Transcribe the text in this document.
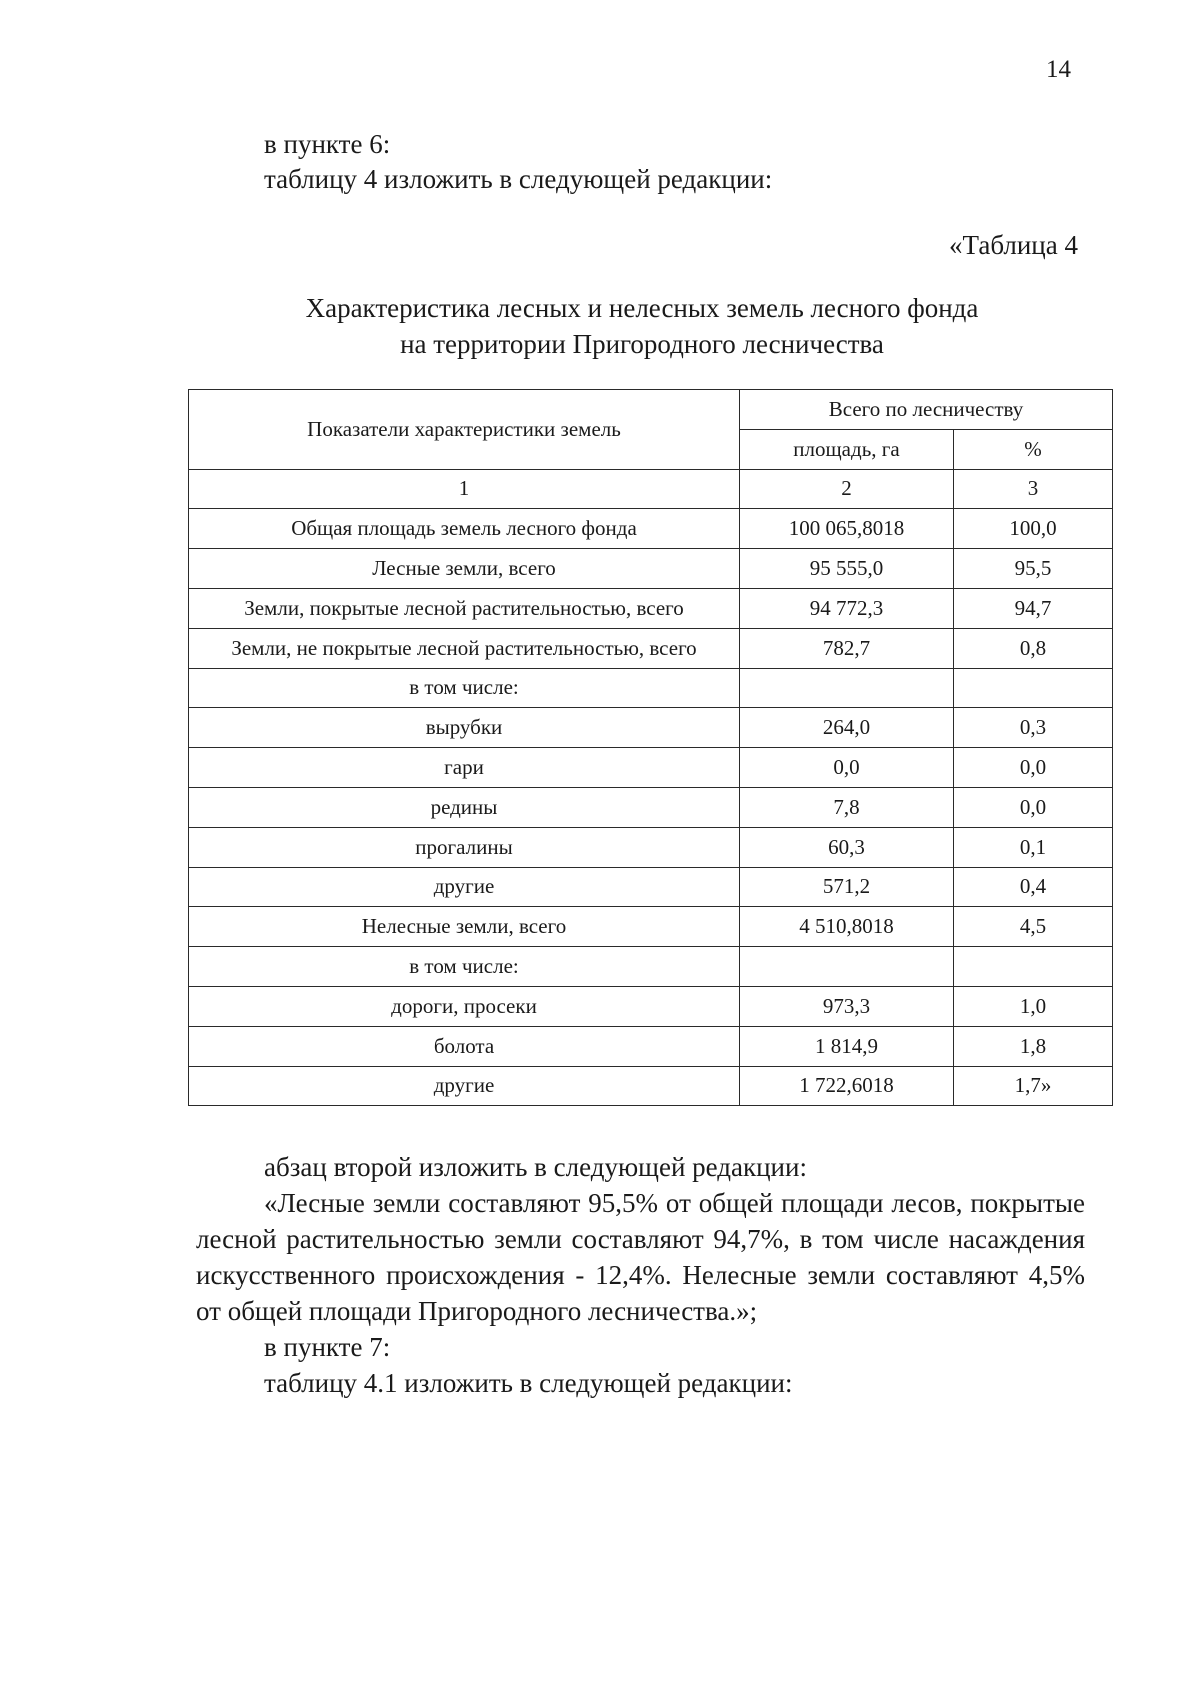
14
в пункте 6:
таблицу 4 изложить в следующей редакции:
«Таблица 4
Характеристика лесных и нелесных земель лесного фонда
на территории Пригородного лесничества
Показатели характеристики земель	Всего по лесничеству	
	площадь, га	%
1	2	3
Общая площадь земель лесного фонда	100 065,8018	100,0
Лесные земли, всего	95 555,0	95,5
Земли, покрытые лесной растительностью, всего	94 772,3	94,7
Земли, не покрытые лесной растительностью, всего	782,7	0,8
в том числе:		
вырубки	264,0	0,3
гари	0,0	0,0
редины	7,8	0,0
прогалины	60,3	0,1
другие	571,2	0,4
Нелесные земли, всего	4 510,8018	4,5
в том числе:		
дороги, просеки	973,3	1,0
болота	1 814,9	1,8
другие	1 722,6018	1,7»
абзац второй изложить в следующей редакции:
«Лесные земли составляют 95,5% от общей площади лесов, покрытые лесной растительностью земли составляют 94,7%, в том числе насаждения искусственного происхождения - 12,4%. Нелесные земли составляют 4,5% от общей площади Пригородного лесничества.»;
в пункте 7:
таблицу 4.1 изложить в следующей редакции:
